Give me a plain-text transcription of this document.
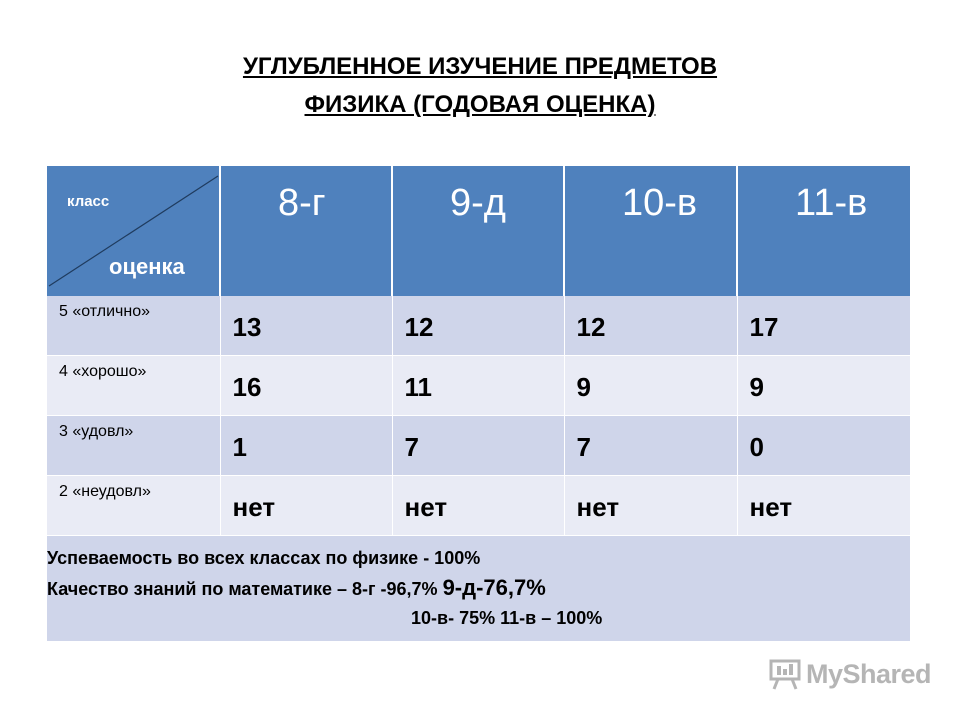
УГЛУБЛЕННОЕ ИЗУЧЕНИЕ ПРЕДМЕТОВ
ФИЗИКА (ГОДОВАЯ ОЦЕНКА)
класс
оценка	8-г	9-д	10-в	11-в
5 «отлично»	13	12	12	17
4 «хорошо»	16	11	9	9
3 «удовл»	1	7	7	0
2 «неудовл»	нет	нет	нет	нет

Успеваемость во всех классах по физике - 100%
Качество знаний по математике – 8-г -96,7% 9-д-76,7%
10-в- 75% 11-в – 100%				
MyShared
